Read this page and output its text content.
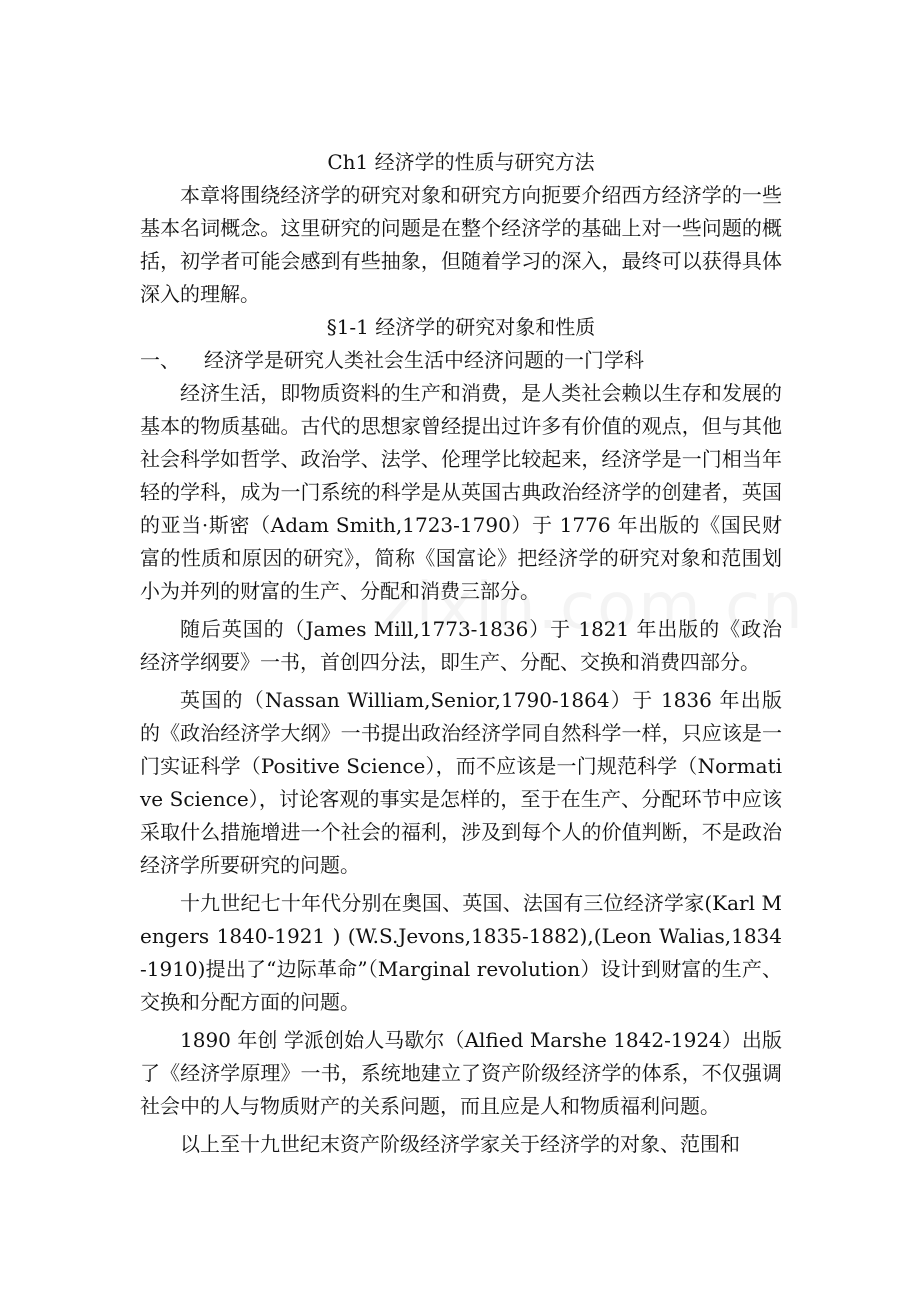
Ch1 经济学的性质与研究方法

本章将围绕经济学的研究对象和研究方向扼要介绍西方经济学的一些基本名词概念。这里研究的问题是在整个经济学的基础上对一些问题的概括，初学者可能会感到有些抽象，但随着学习的深入，最终可以获得具体深入的理解。

§1-1 经济学的研究对象和性质
一、	经济学是研究人类社会生活中经济问题的一门学科

经济生活，即物质资料的生产和消费，是人类社会赖以生存和发展的基本的物质基础。古代的思想家曾经提出过许多有价值的观点，但与其他社会科学如哲学、政治学、法学、伦理学比较起来，经济学是一门相当年轻的学科，成为一门系统的科学是从英国古典政治经济学的创建者，英国的亚当·斯密（Adam Smith,1723-1790）于 1776 年出版的《国民财富的性质和原因的研究》，简称《国富论》把经济学的研究对象和范围划小为并列的财富的生产、分配和消费三部分。

随后英国的（James Mill,1773-1836）于 1821 年出版的《政治经济学纲要》一书，首创四分法，即生产、分配、交换和消费四部分。

英国的（Nassan William,Senior,1790-1864）于 1836 年出版的《政治经济学大纲》一书提出政治经济学同自然科学一样，只应该是一门实证科学（Positive Science），而不应该是一门规范科学（Normative Science），讨论客观的事实是怎样的，至于在生产、分配环节中应该采取什么措施增进一个社会的福利，涉及到每个人的价值判断，不是政治经济学所要研究的问题。

十九世纪七十年代分别在奥国、英国、法国有三位经济学家(Karl Mengers 1840-1921 ) (W.S.Jevons,1835-1882),(Leon Walias,1834-1910)提出了“边际革命”（Marginal revolution）设计到财富的生产、交换和分配方面的问题。

1890 年创 学派创始人马歇尔（Alfied Marshe 1842-1924）出版了《经济学原理》一书，系统地建立了资产阶级经济学的体系，不仅强调社会中的人与物质财产的关系问题，而且应是人和物质福利问题。

以上至十九世纪末资产阶级经济学家关于经济学的对象、范围和
